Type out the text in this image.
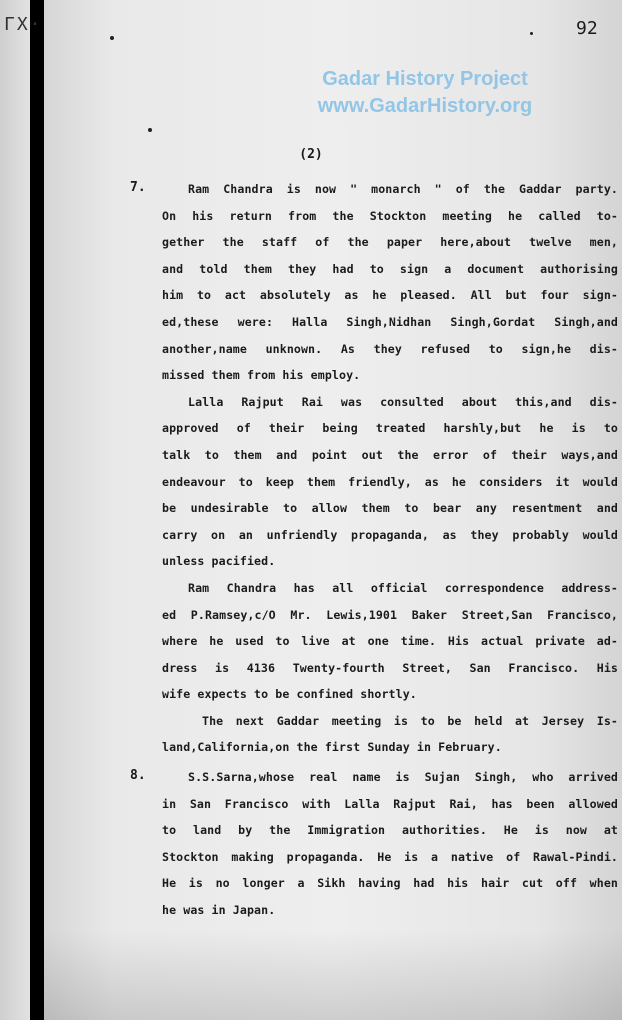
ΓΧ·	92
Gadar History Project
www.GadarHistory.org
(2)
7.	Ram Chandra is now " monarch " of the Gaddar party.
On his return from the Stockton meeting he called to-
gether the staff of the paper here,about twelve men,
and told them they had to sign a document authorising
him to act absolutely as he pleased. All but four sign-
ed,these were: Halla Singh,Nidhan Singh,Gordat Singh,and
another,name unknown. As they refused to sign,he dis-
missed them from his employ.
Lalla Rajput Rai was consulted about this,and dis-
approved of their being treated harshly,but he is to
talk to them and point out the error of their ways,and
endeavour to keep them friendly, as he considers it would
be undesirable to allow them to bear any resentment and
carry on an unfriendly propaganda, as they probably would
unless pacified.
Ram Chandra has all official correspondence address-
ed P.Ramsey,c/O Mr. Lewis,1901 Baker Street,San Francisco,
where he used to live at one time. His actual private ad-
dress is 4136 Twenty-fourth Street, San Francisco. His
wife expects to be confined shortly.
The next Gaddar meeting is to be held at Jersey Is-
land,California,on the first Sunday in February.
8.	S.S.Sarna,whose real name is Sujan Singh, who arrived
in San Francisco with Lalla Rajput Rai, has been allowed
to land by the Immigration authorities. He is now at
Stockton making propaganda. He is a native of Rawal-Pindi.
He is no longer a Sikh having had his hair cut off when
he was in Japan.
